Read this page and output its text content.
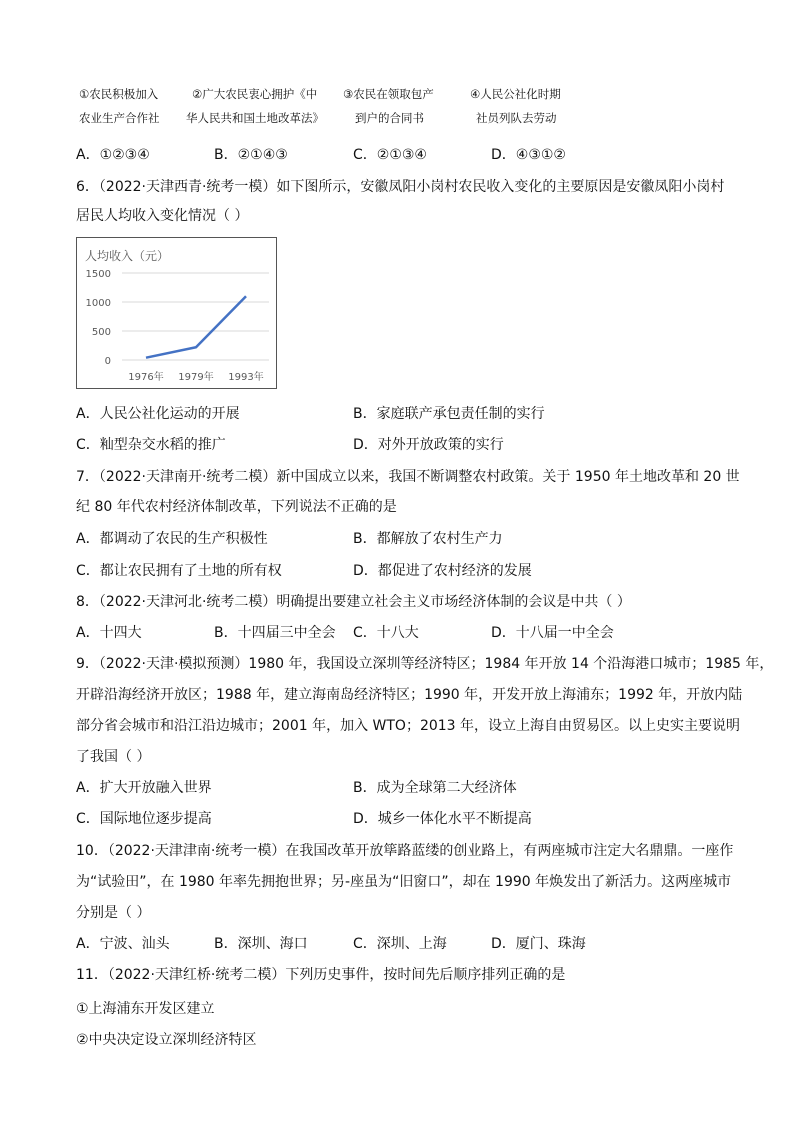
①农民积极加入
农业生产合作社
②广大农民衷心拥护《中
华人民共和国土地改革法》
③农民在领取包产
到户的合同书
④人民公社化时期
社员列队去劳动
A．①②③④	B．②①④③	C．②①③④	D．④③①②
6．（2022·天津西青·统考一模）如下图所示，安徽凤阳小岗村农民收入变化的主要原因是安徽凤阳小岗村
居民人均收入变化情况（ ）
人均收入（元）
1500
1000
500
0
1976年 1979年 1993年
A．人民公社化运动的开展	B．家庭联产承包责任制的实行
C．籼型杂交水稻的推广	D．对外开放政策的实行
7．（2022·天津南开·统考二模）新中国成立以来，我国不断调整农村政策。关于 1950 年土地改革和 20 世
纪 80 年代农村经济体制改革，下列说法不正确的是
A．都调动了农民的生产积极性	B．都解放了农村生产力
C．都让农民拥有了土地的所有权	D．都促进了农村经济的发展
8．（2022·天津河北·统考二模）明确提出要建立社会主义市场经济体制的会议是中共（ ）
A．十四大	B．十四届三中全会 C．十八大	D．十八届一中全会
9．（2022·天津·模拟预测）1980 年，我国设立深圳等经济特区；1984 年开放 14 个沿海港口城市；1985 年，
开辟沿海经济开放区；1988 年，建立海南岛经济特区；1990 年，开发开放上海浦东；1992 年，开放内陆
部分省会城市和沿江沿边城市；2001 年，加入 WTO；2013 年，设立上海自由贸易区。以上史实主要说明
了我国（ ）
A．扩大开放融入世界	B．成为全球第二大经济体
C．国际地位逐步提高	D．城乡一体化水平不断提高
10．（2022·天津津南·统考一模）在我国改革开放筚路蓝缕的创业路上，有两座城市注定大名鼎鼎。一座作
为“试验田”，在 1980 年率先拥抱世界；另-座虽为“旧窗口”，却在 1990 年焕发出了新活力。这两座城市
分别是（ ）
A．宁波、汕头	B．深圳、海口	C．深圳、上海	D．厦门、珠海
11．（2022·天津红桥·统考二模）下列历史事件，按时间先后顺序排列正确的是
①上海浦东开发区建立
②中央决定设立深圳经济特区
